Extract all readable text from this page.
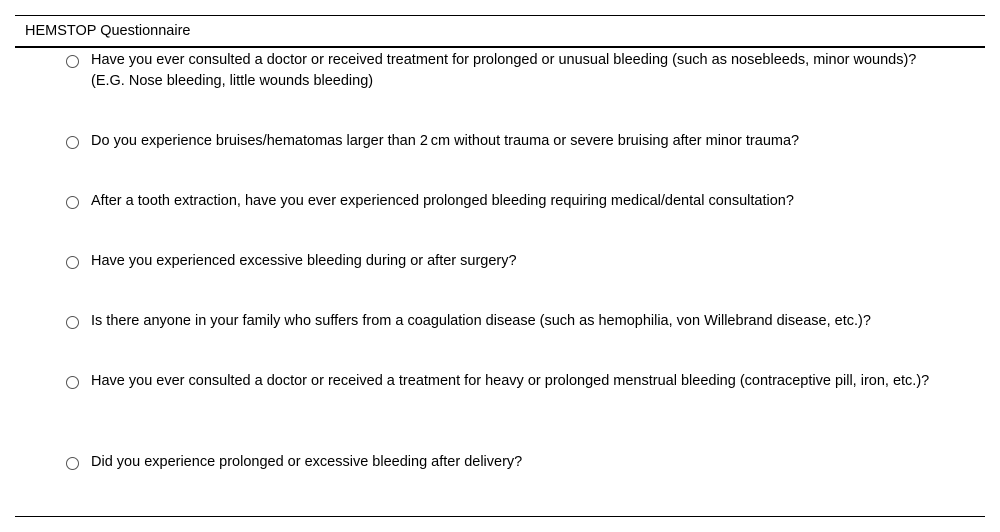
HEMSTOP Questionnaire
Have you ever consulted a doctor or received treatment for prolonged or unusual bleeding (such as nosebleeds, minor wounds)? (E.G. Nose bleeding, little wounds bleeding)
Do you experience bruises/hematomas larger than 2 cm without trauma or severe bruising after minor trauma?
After a tooth extraction, have you ever experienced prolonged bleeding requiring medical/dental consultation?
Have you experienced excessive bleeding during or after surgery?
Is there anyone in your family who suffers from a coagulation disease (such as hemophilia, von Willebrand disease, etc.)?
Have you ever consulted a doctor or received a treatment for heavy or prolonged menstrual bleeding (contraceptive pill, iron, etc.)?
Did you experience prolonged or excessive bleeding after delivery?
